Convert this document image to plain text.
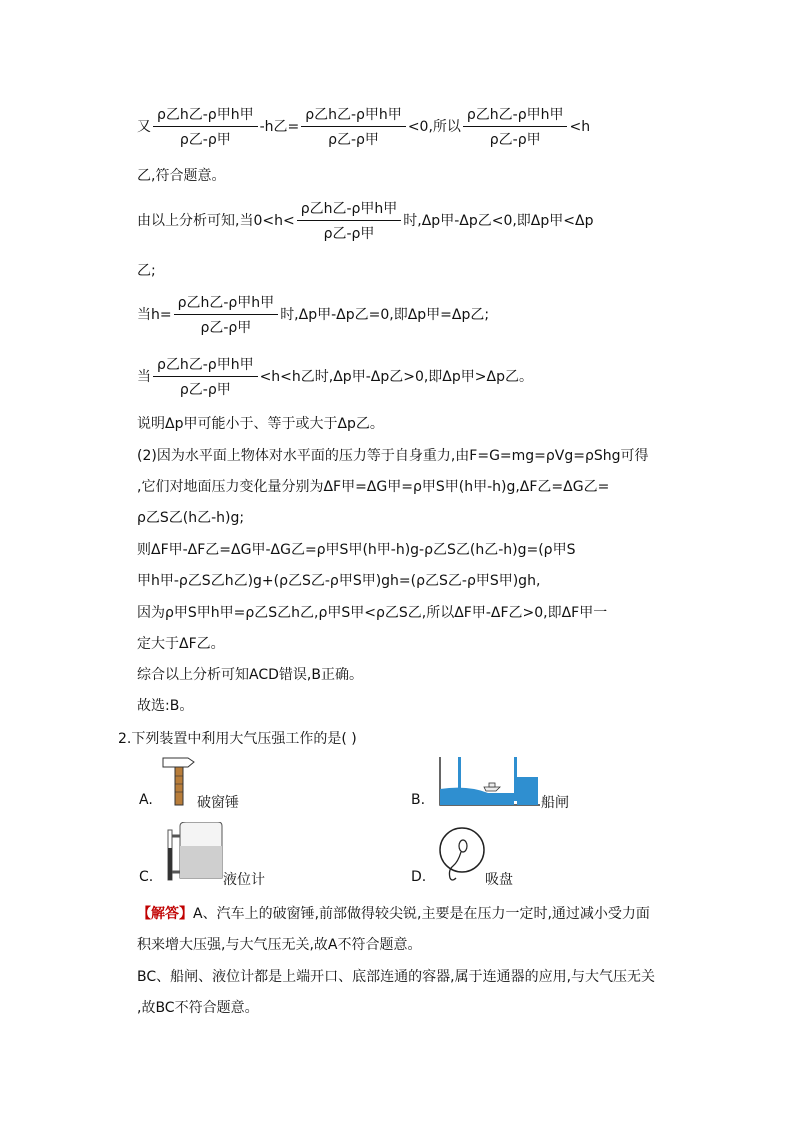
又 $\frac{\text{ρ乙h乙-ρ甲h甲}}{\text{ρ乙-ρ甲}} -h$乙= $\frac{\text{ρ乙h乙-ρ甲h甲}}{\text{ρ乙-ρ甲}} <0$,所以 $\frac{\text{ρ乙h乙-ρ甲h甲}}{\text{ρ乙-ρ甲}} <h$
乙,符合题意。
由以上分析可知,当$0<h< \frac{\text{ρ乙h乙-ρ甲h甲}}{\text{ρ乙-ρ甲}}$ 时,Δp甲-Δp乙<0,即Δp甲<Δp
乙;
当$h= \frac{\text{ρ乙h乙-ρ甲h甲}}{\text{ρ乙-ρ甲}}$ 时,Δp甲-Δp乙=0,即Δp甲=Δp乙;
当 $\frac{\text{ρ乙h乙-ρ甲h甲}}{\text{ρ乙-ρ甲}} <h<h$乙时,Δp甲-Δp乙>0,即Δp甲>Δp乙。
说明Δp甲可能小于、等于或大于Δp乙。
(2)因为水平面上物体对水平面的压力等于自身重力,由F=G=mg=ρVg=ρShg可得
,它们对地面压力变化量分别为ΔF甲=ΔG甲=ρ甲S甲(h甲-h)g,ΔF乙=ΔG乙=
ρ乙S乙(h乙-h)g;
则ΔF甲-ΔF乙=ΔG甲-ΔG乙=ρ甲S甲(h甲-h)g-ρ乙S乙(h乙-h)g=(ρ甲S
甲h甲-ρ乙S乙h乙)g+(ρ乙S乙-ρ甲S甲)gh=(ρ乙S乙-ρ甲S甲)gh,
因为ρ甲S甲h甲=ρ乙S乙h乙,ρ甲S甲<ρ乙S乙,所以ΔF甲-ΔF乙>0,即ΔF甲一
定大于ΔF乙。
综合以上分析可知ACD错误,B正确。
故选:B。
2.下列装置中利用大气压强工作的是( )
A.	破窗锤	B.	船闸
C.	液位计	D.	吸盘
【解答】A、汽车上的破窗锤,前部做得较尖锐,主要是在压力一定时,通过减小受力面
积来增大压强,与大气压无关,故A不符合题意。
BC、船闸、液位计都是上端开口、底部连通的容器,属于连通器的应用,与大气压无关
,故BC不符合题意。
